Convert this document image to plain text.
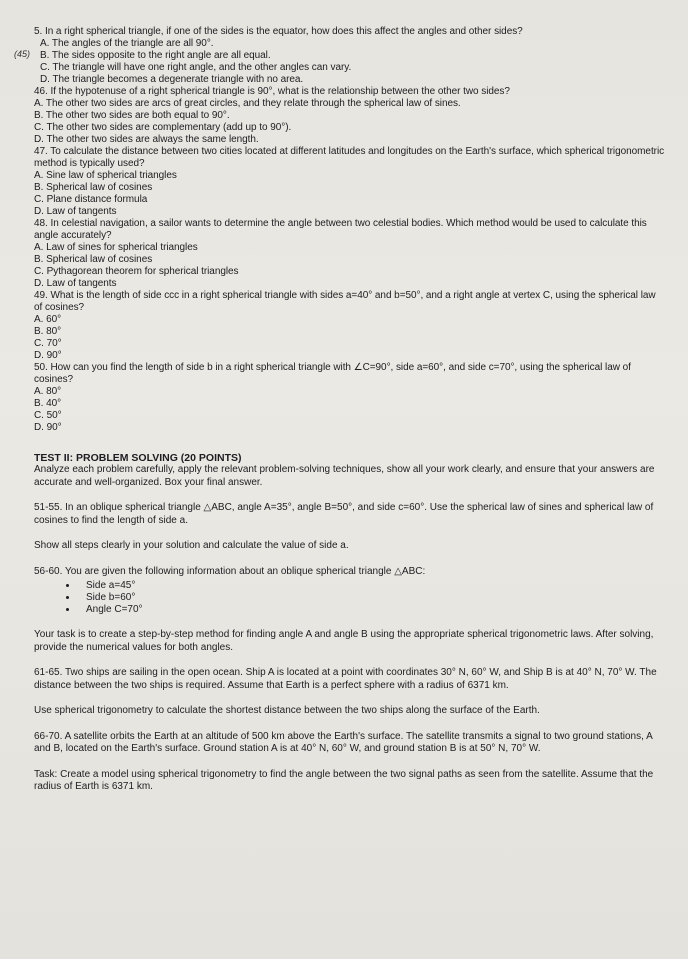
(45)

5. In a right spherical triangle, if one of the sides is the equator, how does this affect the angles and other sides?

A. The angles of the triangle are all 90°.

B. The sides opposite to the right angle are all equal.

C. The triangle will have one right angle, and the other angles can vary.

D. The triangle becomes a degenerate triangle with no area.

46. If the hypotenuse of a right spherical triangle is 90°, what is the relationship between the other two sides?

A. The other two sides are arcs of great circles, and they relate through the spherical law of sines.

B. The other two sides are both equal to 90°.

C. The other two sides are complementary (add up to 90°).

D. The other two sides are always the same length.

47. To calculate the distance between two cities located at different latitudes and longitudes on the Earth's surface, which spherical trigonometric method is typically used?

A. Sine law of spherical triangles

B. Spherical law of cosines

C. Plane distance formula

D. Law of tangents

48. In celestial navigation, a sailor wants to determine the angle between two celestial bodies. Which method would be used to calculate this angle accurately?

A. Law of sines for spherical triangles

B. Spherical law of cosines

C. Pythagorean theorem for spherical triangles

D. Law of tangents

49. What is the length of side ccc in a right spherical triangle with sides a=40° and b=50°, and a right angle at vertex C, using the spherical law of cosines?

A. 60°

B. 80°

C. 70°

D. 90°

50. How can you find the length of side b in a right spherical triangle with ∠C=90°, side a=60°, and side c=70°, using the spherical law of cosines?

A. 80°

B. 40°

C. 50°

D. 90°

TEST II: PROBLEM SOLVING (20 POINTS)

Analyze each problem carefully, apply the relevant problem-solving techniques, show all your work clearly, and ensure that your answers are accurate and well-organized. Box your final answer.

51-55. In an oblique spherical triangle △ABC, angle A=35°, angle B=50°, and side c=60°. Use the spherical law of sines and spherical law of cosines to find the length of side a.

Show all steps clearly in your solution and calculate the value of side a.

56-60. You are given the following information about an oblique spherical triangle △ABC:

• Side a=45°
• Side b=60°
• Angle C=70°

Your task is to create a step-by-step method for finding angle A and angle B using the appropriate spherical trigonometric laws. After solving, provide the numerical values for both angles.

61-65. Two ships are sailing in the open ocean. Ship A is located at a point with coordinates 30° N, 60° W, and Ship B is at 40° N, 70° W. The distance between the two ships is required. Assume that Earth is a perfect sphere with a radius of 6371 km.

Use spherical trigonometry to calculate the shortest distance between the two ships along the surface of the Earth.

66-70. A satellite orbits the Earth at an altitude of 500 km above the Earth's surface. The satellite transmits a signal to two ground stations, A and B, located on the Earth's surface. Ground station A is at 40° N, 60° W, and ground station B is at 50° N, 70° W.

Task: Create a model using spherical trigonometry to find the angle between the two signal paths as seen from the satellite. Assume that the radius of Earth is 6371 km.
